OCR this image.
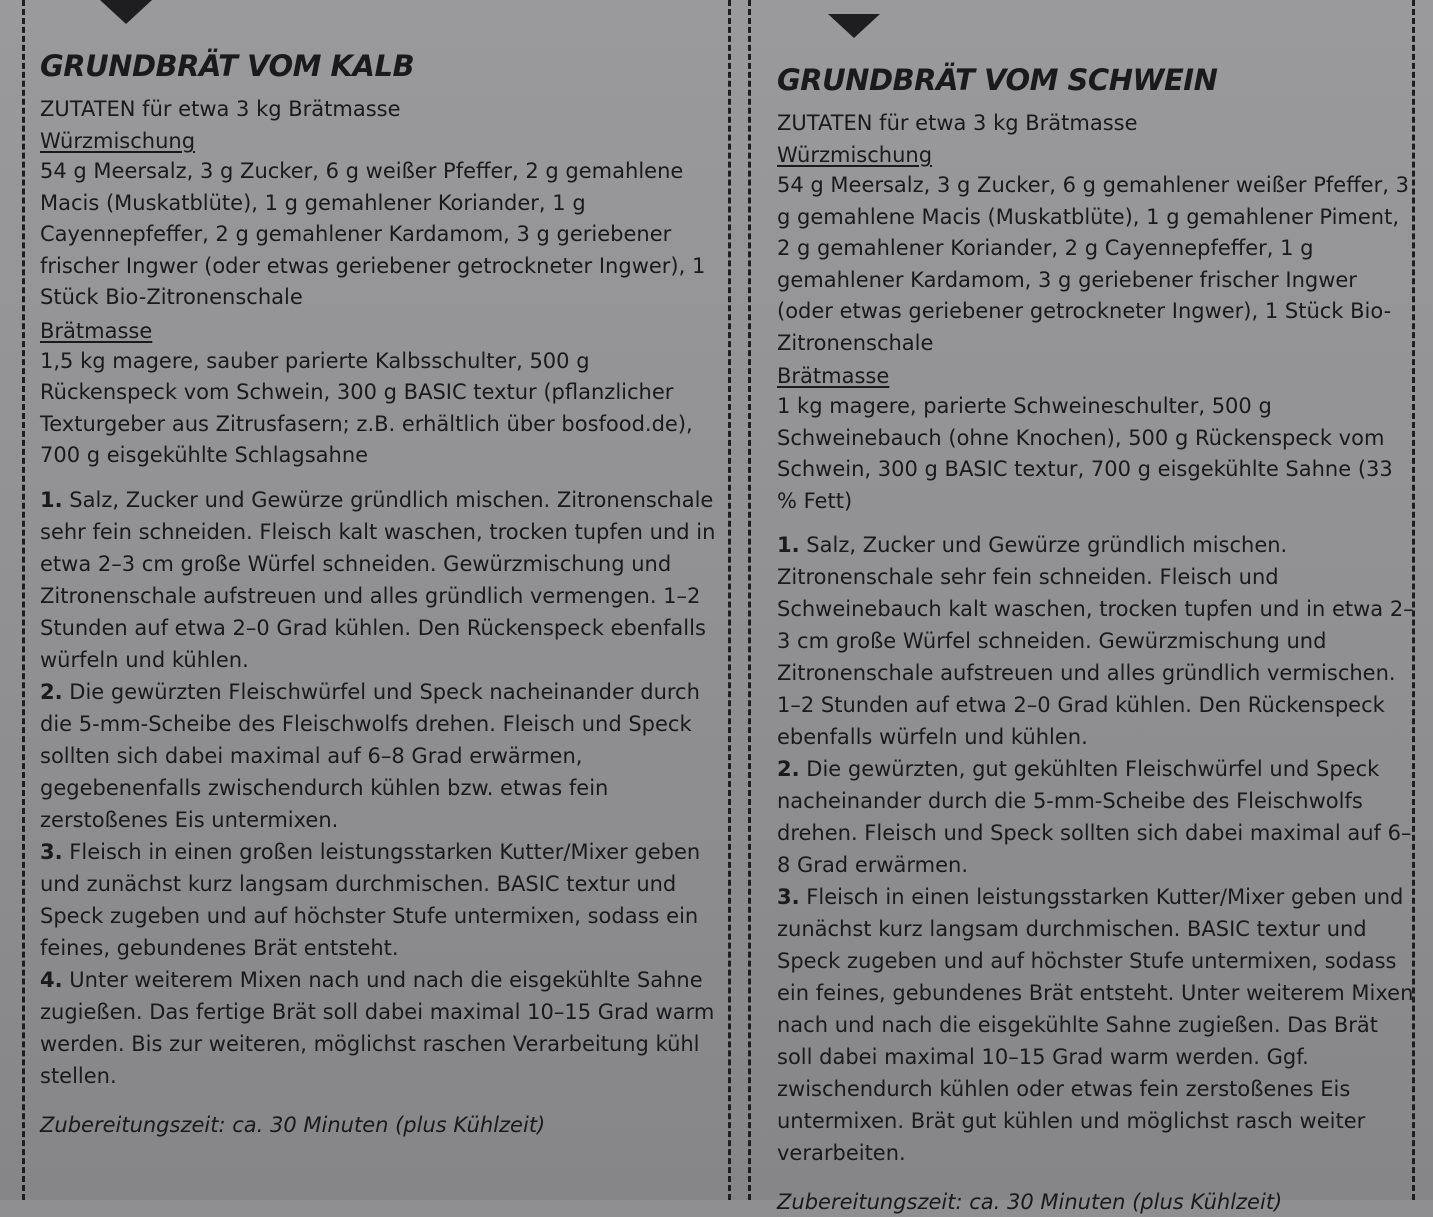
GRUNDBRÄT VOM KALB

ZUTATEN für etwa 3 kg Brätmasse

Würzmischung

54 g Meersalz, 3 g Zucker, 6 g weißer Pfeffer, 2 g gemahlene Macis (Muskatblüte), 1 g gemahlener Koriander, 1 g Cayennepfeffer, 2 g gemahlener Kardamom, 3 g geriebener frischer Ingwer (oder etwas geriebener getrockneter Ingwer), 1 Stück Bio-Zitronenschale

Brätmasse

1,5 kg magere, sauber parierte Kalbsschulter, 500 g Rückenspeck vom Schwein, 300 g BASIC textur (pflanzlicher Texturgeber aus Zitrusfasern; z.B. erhältlich über bosfood.de), 700 g eisgekühlte Schlagsahne

1. Salz, Zucker und Gewürze gründlich mischen. Zitronenschale sehr fein schneiden. Fleisch kalt waschen, trocken tupfen und in etwa 2–3 cm große Würfel schneiden. Gewürzmischung und Zitronenschale aufstreuen und alles gründlich vermengen. 1–2 Stunden auf etwa 2–0 Grad kühlen. Den Rückenspeck ebenfalls würfeln und kühlen.

2. Die gewürzten Fleischwürfel und Speck nacheinander durch die 5-mm-Scheibe des Fleischwolfs drehen. Fleisch und Speck sollten sich dabei maximal auf 6–8 Grad erwärmen, gegebenenfalls zwischendurch kühlen bzw. etwas fein zerstoßenes Eis untermixen.

3. Fleisch in einen großen leistungsstarken Kutter/Mixer geben und zunächst kurz langsam durchmischen. BASIC textur und Speck zugeben und auf höchster Stufe untermixen, sodass ein feines, gebundenes Brät entsteht.

4. Unter weiterem Mixen nach und nach die eisgekühlte Sahne zugießen. Das fertige Brät soll dabei maximal 10–15 Grad warm werden. Bis zur weiteren, möglichst raschen Verarbeitung kühl stellen.

Zubereitungszeit: ca. 30 Minuten (plus Kühlzeit)

GRUNDBRÄT VOM SCHWEIN

ZUTATEN für etwa 3 kg Brätmasse

Würzmischung

54 g Meersalz, 3 g Zucker, 6 g gemahlener weißer Pfeffer, 3 g gemahlene Macis (Muskatblüte), 1 g gemahlener Piment, 2 g gemahlener Koriander, 2 g Cayennepfeffer, 1 g gemahlener Kardamom, 3 g geriebener frischer Ingwer (oder etwas geriebener getrockneter Ingwer), 1 Stück Bio-Zitronenschale

Brätmasse

1 kg magere, parierte Schweineschulter, 500 g Schweinebauch (ohne Knochen), 500 g Rückenspeck vom Schwein, 300 g BASIC textur, 700 g eisgekühlte Sahne (33 % Fett)

1. Salz, Zucker und Gewürze gründlich mischen. Zitronenschale sehr fein schneiden. Fleisch und Schweinebauch kalt waschen, trocken tupfen und in etwa 2–3 cm große Würfel schneiden. Gewürzmischung und Zitronenschale aufstreuen und alles gründlich vermischen. 1–2 Stunden auf etwa 2–0 Grad kühlen. Den Rückenspeck ebenfalls würfeln und kühlen.

2. Die gewürzten, gut gekühlten Fleischwürfel und Speck nacheinander durch die 5-mm-Scheibe des Fleischwolfs drehen. Fleisch und Speck sollten sich dabei maximal auf 6–8 Grad erwärmen.

3. Fleisch in einen leistungsstarken Kutter/Mixer geben und zunächst kurz langsam durchmischen. BASIC textur und Speck zugeben und auf höchster Stufe untermixen, sodass ein feines, gebundenes Brät entsteht. Unter weiterem Mixen nach und nach die eisgekühlte Sahne zugießen. Das Brät soll dabei maximal 10–15 Grad warm werden. Ggf. zwischendurch kühlen oder etwas fein zerstoßenes Eis untermixen. Brät gut kühlen und möglichst rasch weiter verarbeiten.

Zubereitungszeit: ca. 30 Minuten (plus Kühlzeit)
